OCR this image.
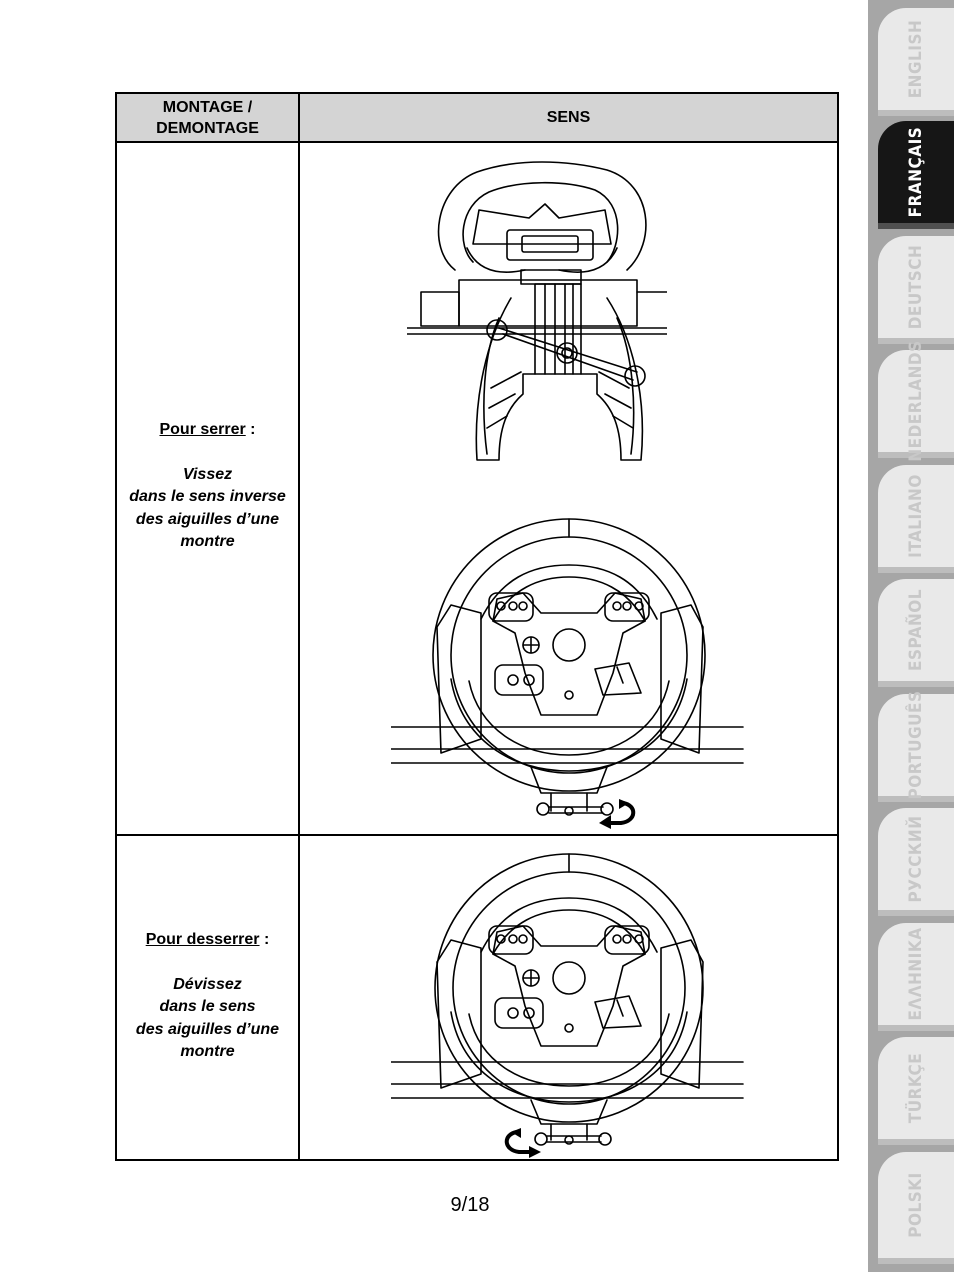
MONTAGE / DEMONTAGE
SENS
Pour serrer :
Vissez
dans le sens inverse
des aiguilles d’une
montre
Pour desserrer :
Dévissez
dans le sens
des aiguilles d’une
montre
9/18
ENGLISH
FRANÇAIS
DEUTSCH
NEDERLANDS
ITALIANO
ESPAÑOL
PORTUGUÊS
РУССКИЙ
ΕΛΛΗΝΙΚΑ
TÜRKÇE
POLSKI
